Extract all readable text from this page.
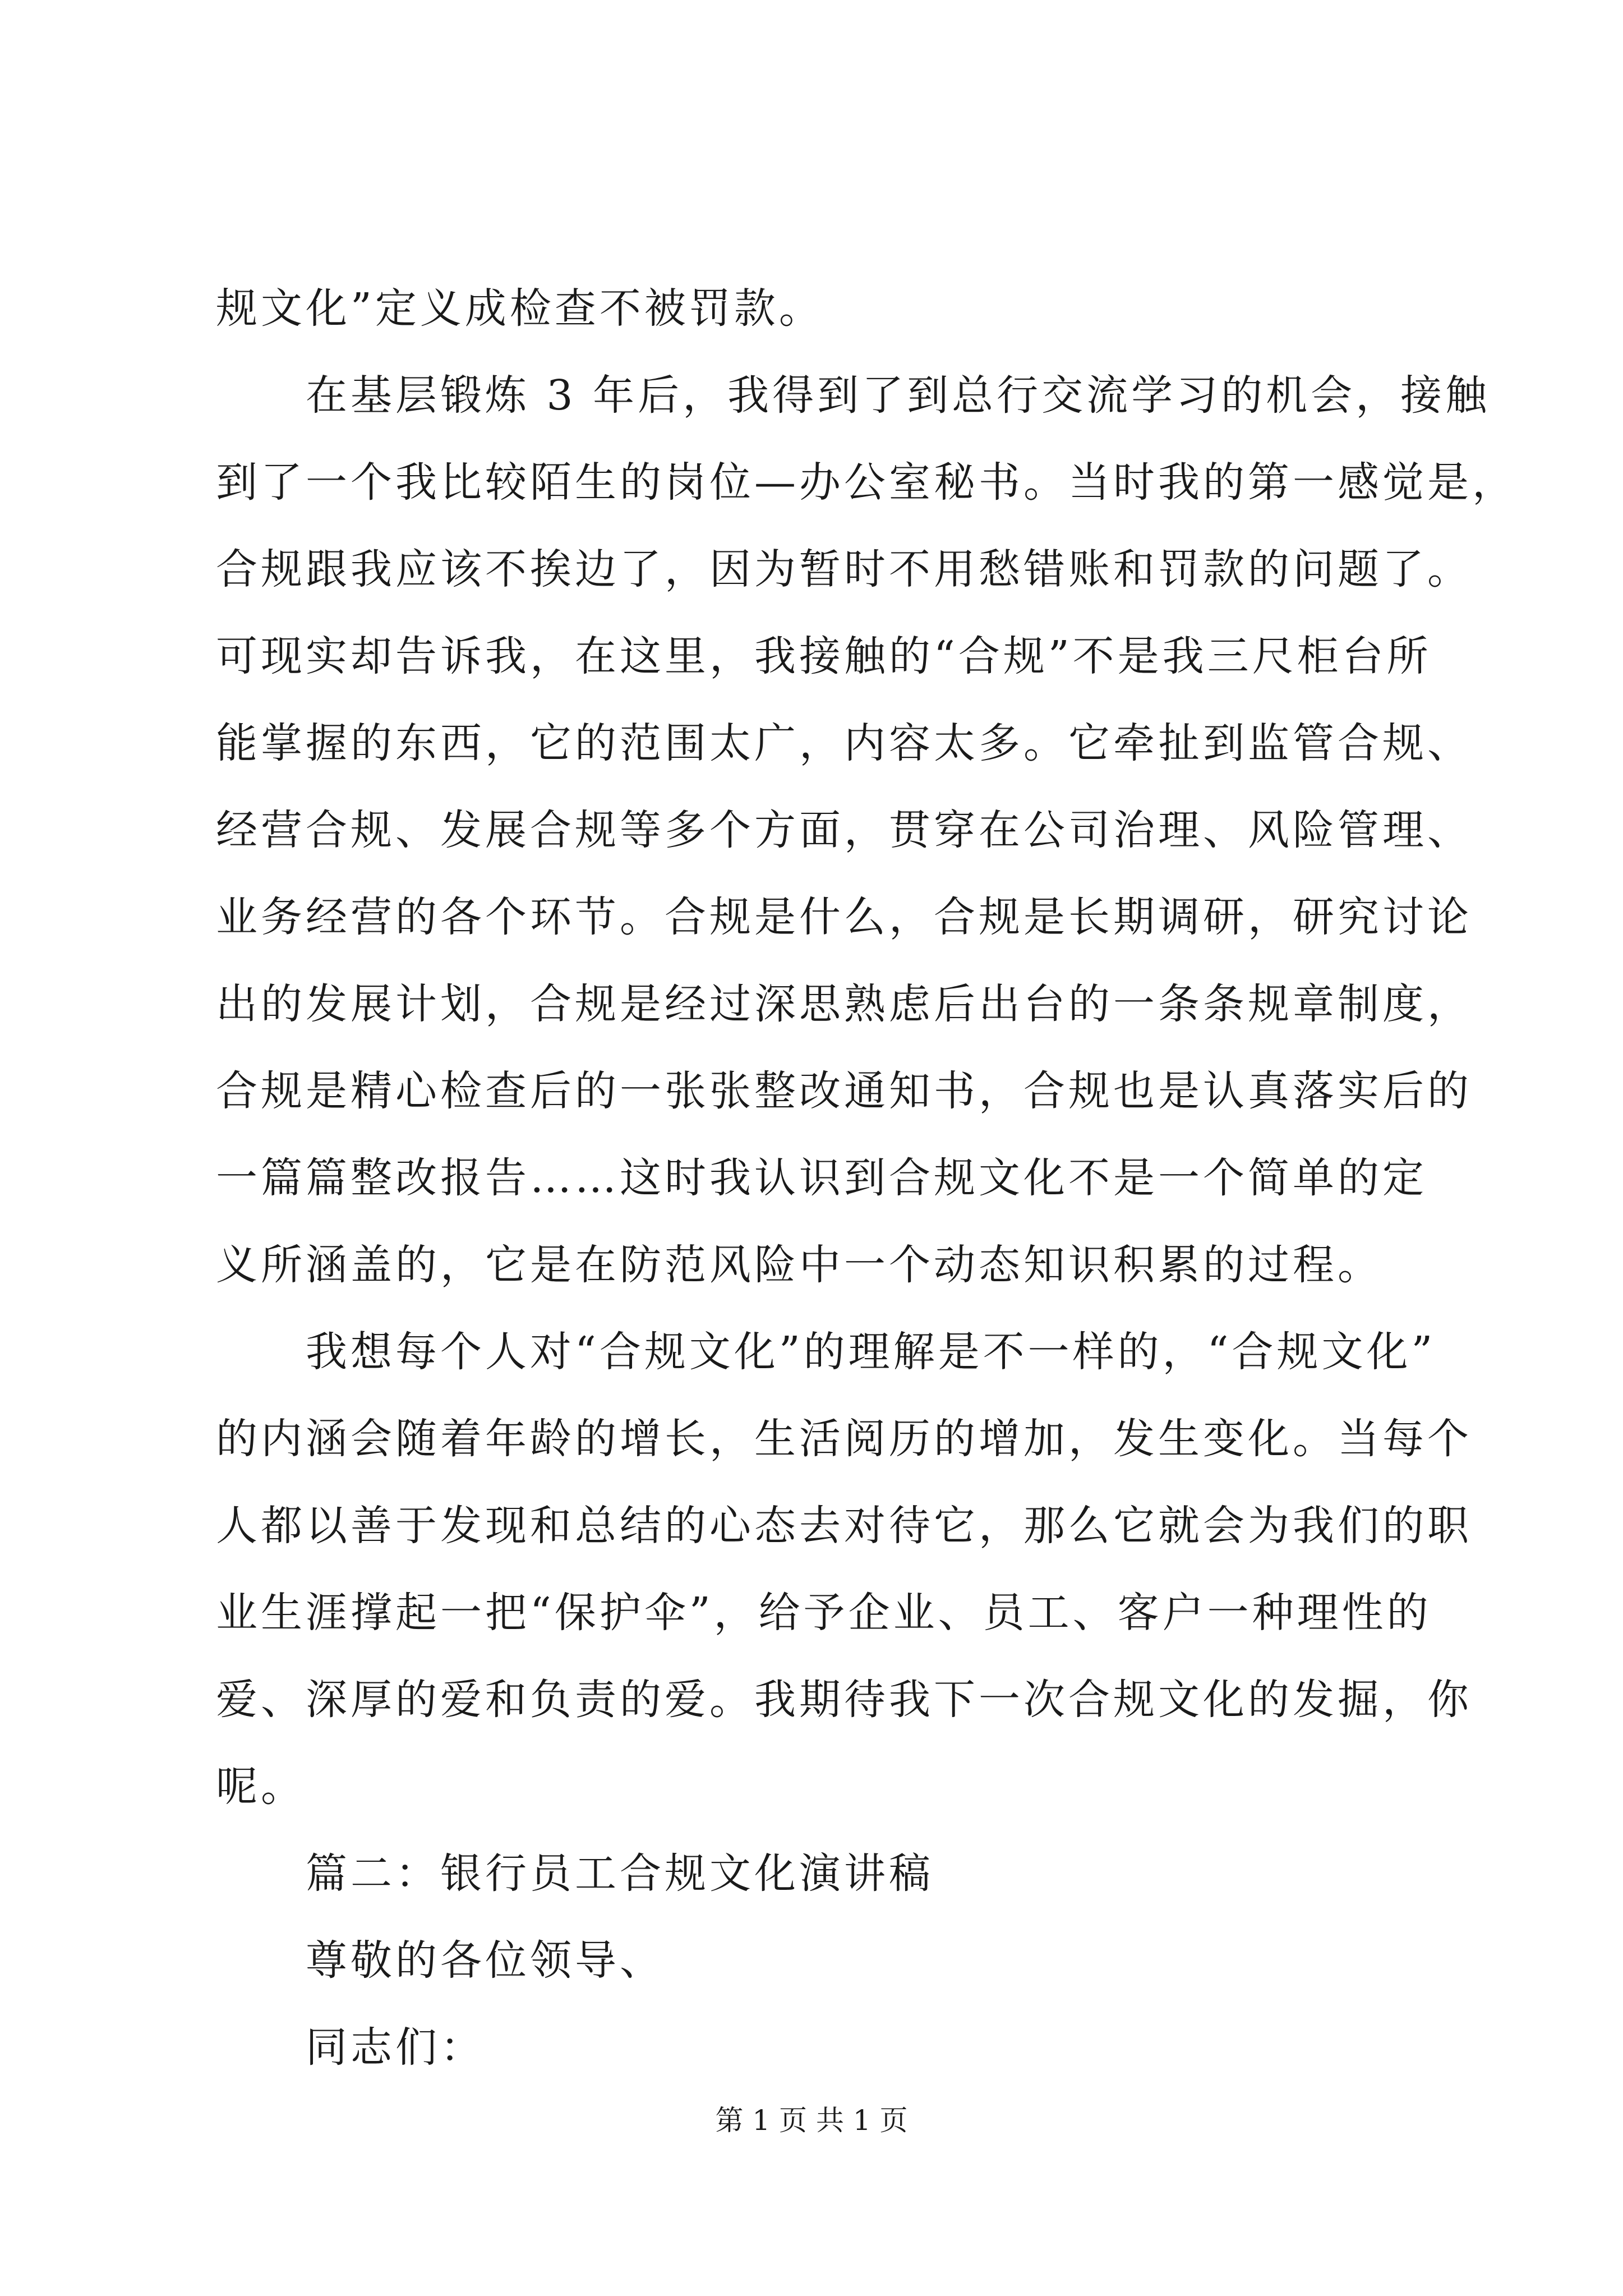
规文化”定义成检查不被罚款。
在基层锻炼 3 年后，我得到了到总行交流学习的机会，接触
到了一个我比较陌生的岗位—办公室秘书。当时我的第一感觉是，
合规跟我应该不挨边了，因为暂时不用愁错账和罚款的问题了。
可现实却告诉我，在这里，我接触的“合规”不是我三尺柜台所
能掌握的东西，它的范围太广，内容太多。它牵扯到监管合规、
经营合规、发展合规等多个方面，贯穿在公司治理、风险管理、
业务经营的各个环节。合规是什么，合规是长期调研，研究讨论
出的发展计划，合规是经过深思熟虑后出台的一条条规章制度，
合规是精心检查后的一张张整改通知书，合规也是认真落实后的
一篇篇整改报告……这时我认识到合规文化不是一个简单的定
义所涵盖的，它是在防范风险中一个动态知识积累的过程。
我想每个人对“合规文化”的理解是不一样的，“合规文化”
的内涵会随着年龄的增长，生活阅历的增加，发生变化。当每个
人都以善于发现和总结的心态去对待它，那么它就会为我们的职
业生涯撑起一把“保护伞”，给予企业、员工、客户一种理性的
爱、深厚的爱和负责的爱。我期待我下一次合规文化的发掘，你
呢。
篇二：银行员工合规文化演讲稿
尊敬的各位领导、
同志们：
第 1 页 共 1 页
